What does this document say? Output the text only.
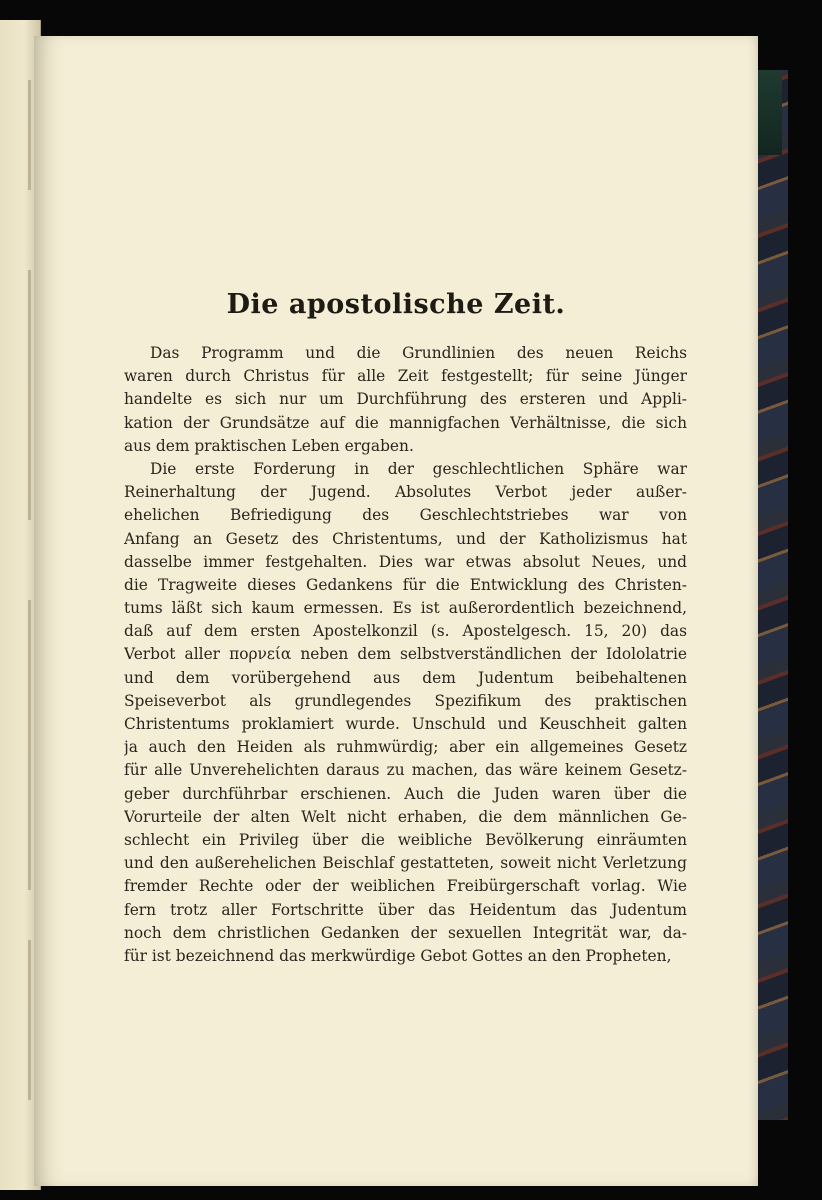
Die apostolische Zeit.
Das Programm und die Grundlinien des neuen Reichs
waren durch Christus für alle Zeit festgestellt; für seine Jünger
handelte es sich nur um Durchführung des ersteren und Appli-
kation der Grundsätze auf die mannigfachen Verhältnisse, die sich
aus dem praktischen Leben ergaben.
Die erste Forderung in der geschlechtlichen Sphäre war
Reinerhaltung der Jugend. Absolutes Verbot jeder außer-
ehelichen Befriedigung des Geschlechtstriebes war von
Anfang an Gesetz des Christentums, und der Katholizismus hat
dasselbe immer festgehalten. Dies war etwas absolut Neues, und
die Tragweite dieses Gedankens für die Entwicklung des Christen-
tums läßt sich kaum ermessen. Es ist außerordentlich bezeichnend,
daß auf dem ersten Apostelkonzil (s. Apostelgesch. 15, 20) das
Verbot aller πορνεία neben dem selbstverständlichen der Idololatrie
und dem vorübergehend aus dem Judentum beibehaltenen
Speiseverbot als grundlegendes Spezifikum des praktischen
Christentums proklamiert wurde. Unschuld und Keuschheit galten
ja auch den Heiden als ruhmwürdig; aber ein allgemeines Gesetz
für alle Unverehelichten daraus zu machen, das wäre keinem Gesetz-
geber durchführbar erschienen. Auch die Juden waren über die
Vorurteile der alten Welt nicht erhaben, die dem männlichen Ge-
schlecht ein Privileg über die weibliche Bevölkerung einräumten
und den außerehelichen Beischlaf gestatteten, soweit nicht Verletzung
fremder Rechte oder der weiblichen Freibürgerschaft vorlag. Wie
fern trotz aller Fortschritte über das Heidentum das Judentum
noch dem christlichen Gedanken der sexuellen Integrität war, da-
für ist bezeichnend das merkwürdige Gebot Gottes an den Propheten,
